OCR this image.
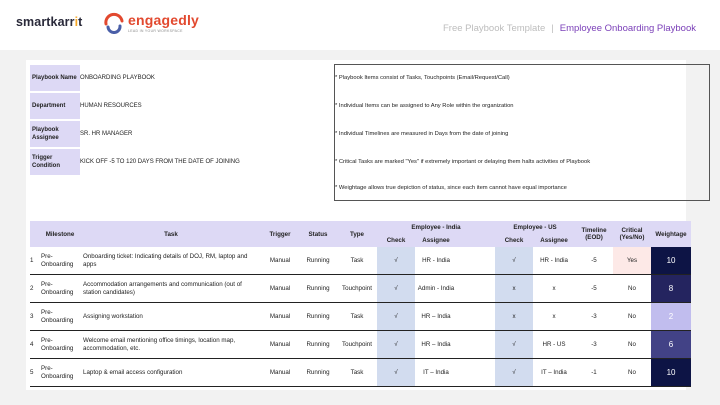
smartkarrit	engagedly
LEAD IN YOUR WORKSPACE	Free Playbook Template | Employee Onboarding Playbook
Playbook Name ONBOARDING PLAYBOOK
Department HUMAN RESOURCES
Playbook Assignee
SR. HR MANAGER
Trigger Condition
KICK OFF -5 TO 120 DAYS FROM THE DATE OF JOINING
* Playbook Items consist of Tasks, Touchpoints (Email/Request/Call)
* Individual Items can be assigned to Any Role within the organization
* Individual Timelines are measured in Days from the date of joining
* Critical Tasks are marked "Yes" if extremely important or delaying them halts activities of Playbook
* Weightage allows true depiction of status, since each item cannot have equal importance
	Milestone	Task	Trigger	Status	Type	Employee - India			Employee - US		Timeline (EOD)	Critical (Yes/No)	Weightage
						Check	Assignee		Check	Assignee			
1	Pre-Onboarding	Onboarding ticket: Indicating details of DOJ, RM, laptop and apps	Manual	Running	Task	√	HR - India		√	HR - India	-5	Yes	10
2	Pre-Onboarding	Accommodation arrangements and communication (out of station candidates)	Manual	Running	Touchpoint	√	Admin - India		x	x	-5	No	8
3	Pre-Onboarding	Assigning workstation	Manual	Running	Task	√	HR – India		x	x	-3	No	2
4	Pre-Onboarding	Welcome email mentioning office timings, location map, accommodation, etc.	Manual	Running	Touchpoint	√	HR – India		√	HR - US	-3	No	6
5	Pre-Onboarding	Laptop & email access configuration	Manual	Running	Task	√	IT – India		√	IT – India	-1	No	10
